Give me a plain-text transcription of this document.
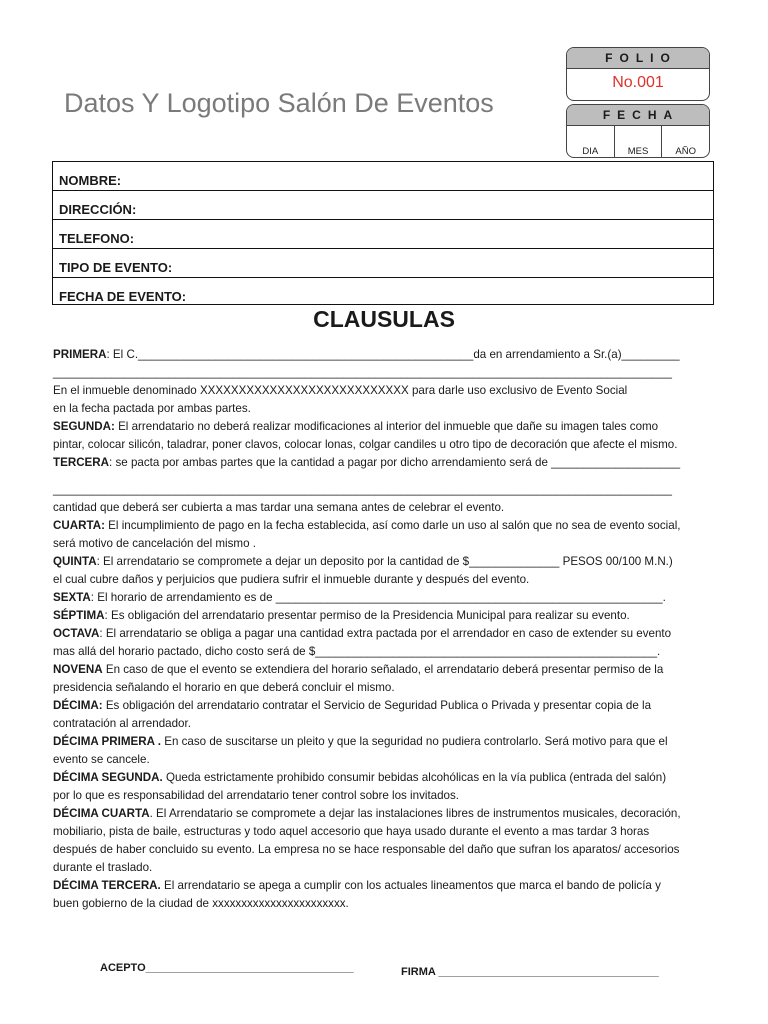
Datos Y Logotipo Salón De Eventos
FOLIO
No.001
FECHA
DIA	MES	AÑO
NOMBRE:
DIRECCIÓN:
TELEFONO:
TIPO DE EVENTO:
FECHA DE EVENTO:
CLAUSULAS

PRIMERA: El C.____________________________________________________da en arrendamiento a Sr.(a)_________

________________________________________________________________________________________________

En el inmueble denominado XXXXXXXXXXXXXXXXXXXXXXXXXXX para darle uso exclusivo de Evento Social

en la fecha pactada por ambas partes.

SEGUNDA: El arrendatario no deberá realizar modificaciones al interior del inmueble que dañe su imagen tales como

pintar, colocar silicón, taladrar, poner clavos, colocar lonas, colgar candiles u otro tipo de decoración que afecte el mismo.

TERCERA: se pacta por ambas partes que la cantidad a pagar por dicho arrendamiento será de ____________________

________________________________________________________________________________________________

cantidad que deberá ser cubierta a mas tardar una semana antes de celebrar el evento.

CUARTA: El incumplimiento de pago en la fecha establecida, así como darle un uso al salón que no sea de evento social,

será motivo de cancelación del mismo .

QUINTA: El arrendatario se compromete a dejar un deposito por la cantidad de $______________ PESOS 00/100 M.N.)

el cual cubre daños y perjuicios que pudiera sufrir el inmueble durante y después del evento.

SEXTA: El horario de arrendamiento es de ____________________________________________________________.

SÉPTIMA: Es obligación del arrendatario presentar permiso de la Presidencia Municipal para realizar su evento.

OCTAVA: El arrendatario se obliga a pagar una cantidad extra pactada por el arrendador en caso de extender su evento

mas allá del horario pactado, dicho costo será de $_____________________________________________________.

NOVENA En caso de que el evento se extendiera del horario señalado, el arrendatario deberá presentar permiso de la

presidencia señalando el horario en que deberá concluir el mismo.

DÉCIMA: Es obligación del arrendatario contratar el Servicio de Seguridad Publica o Privada y presentar copia de la

contratación al arrendador.

DÉCIMA PRIMERA . En caso de suscitarse un pleito y que la seguridad no pudiera controlarlo. Será motivo para que el

evento se cancele.

DÉCIMA SEGUNDA. Queda estrictamente prohibido consumir bebidas alcohólicas en la vía publica (entrada del salón)

por lo que es responsabilidad del arrendatario tener control sobre los invitados.

DÉCIMA CUARTA. El Arrendatario se compromete a dejar las instalaciones libres de instrumentos musicales, decoración,

mobiliario, pista de baile, estructuras y todo aquel accesorio que haya usado durante el evento a mas tardar 3 horas

después de haber concluido su evento. La empresa no se hace responsable del daño que sufran los aparatos/ accesorios

durante el traslado.

DÉCIMA TERCERA. El arrendatario se apega a cumplir con los actuales lineamentos que marca el bando de policía y

buen gobierno de la ciudad de xxxxxxxxxxxxxxxxxxxxxxx.

ACEPTO__________________________________	FIRMA ____________________________________
